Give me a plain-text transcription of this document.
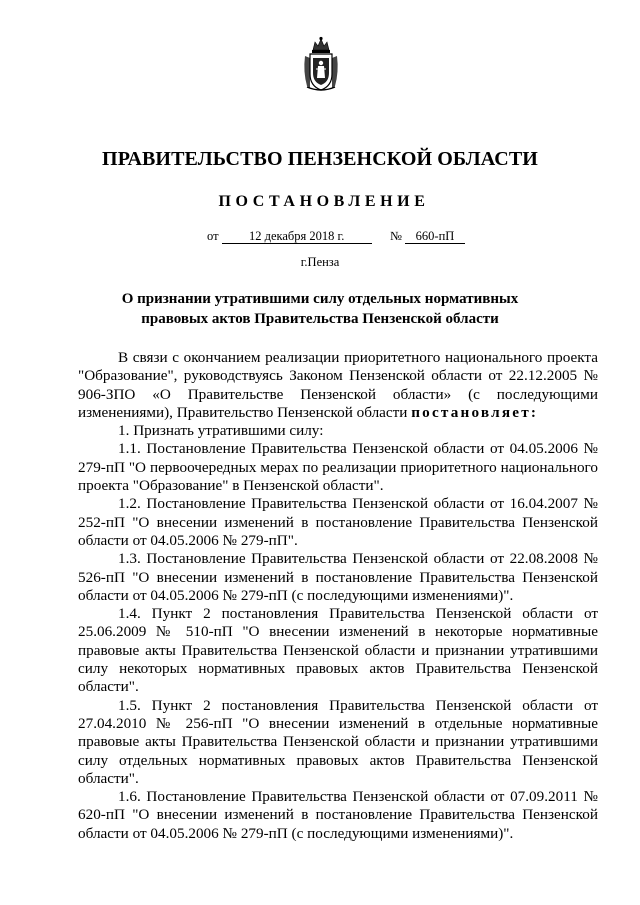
ПРАВИТЕЛЬСТВО ПЕНЗЕНСКОЙ ОБЛАСТИ
ПОСТАНОВЛЕНИЕ
от 12 декабря 2018 г.	№ 660-пП
г.Пенза
О признании утратившими силу отдельных нормативных
правовых актов Правительства Пензенской области

В связи с окончанием реализации приоритетного национального проекта "Образование", руководствуясь Законом Пензенской области от 22.12.2005 № 906-ЗПО «О Правительстве Пензенской области» (с последующими изменениями), Правительство Пензенской области постановляет:

1. Признать утратившими силу:

1.1. Постановление Правительства Пензенской области от 04.05.2006 № 279-пП "О первоочередных мерах по реализации приоритетного национального проекта "Образование" в Пензенской области".

1.2. Постановление Правительства Пензенской области от 16.04.2007 № 252-пП "О внесении изменений в постановление Правительства Пензенской области от 04.05.2006 № 279-пП".

1.3. Постановление Правительства Пензенской области от 22.08.2008 № 526-пП "О внесении изменений в постановление Правительства Пензенской области от 04.05.2006 № 279-пП (с последующими изменениями)".

1.4. Пункт 2 постановления Правительства Пензенской области от 25.06.2009 № 510-пП "О внесении изменений в некоторые нормативные правовые акты Правительства Пензенской области и признании утратившими силу некоторых нормативных правовых актов Правительства Пензенской области".

1.5. Пункт 2 постановления Правительства Пензенской области от 27.04.2010 № 256-пП "О внесении изменений в отдельные нормативные правовые акты Правительства Пензенской области и признании утратившими силу отдельных нормативных правовых актов Правительства Пензенской области".

1.6. Постановление Правительства Пензенской области от 07.09.2011 № 620-пП "О внесении изменений в постановление Правительства Пензенской области от 04.05.2006 № 279-пП (с последующими изменениями)".
